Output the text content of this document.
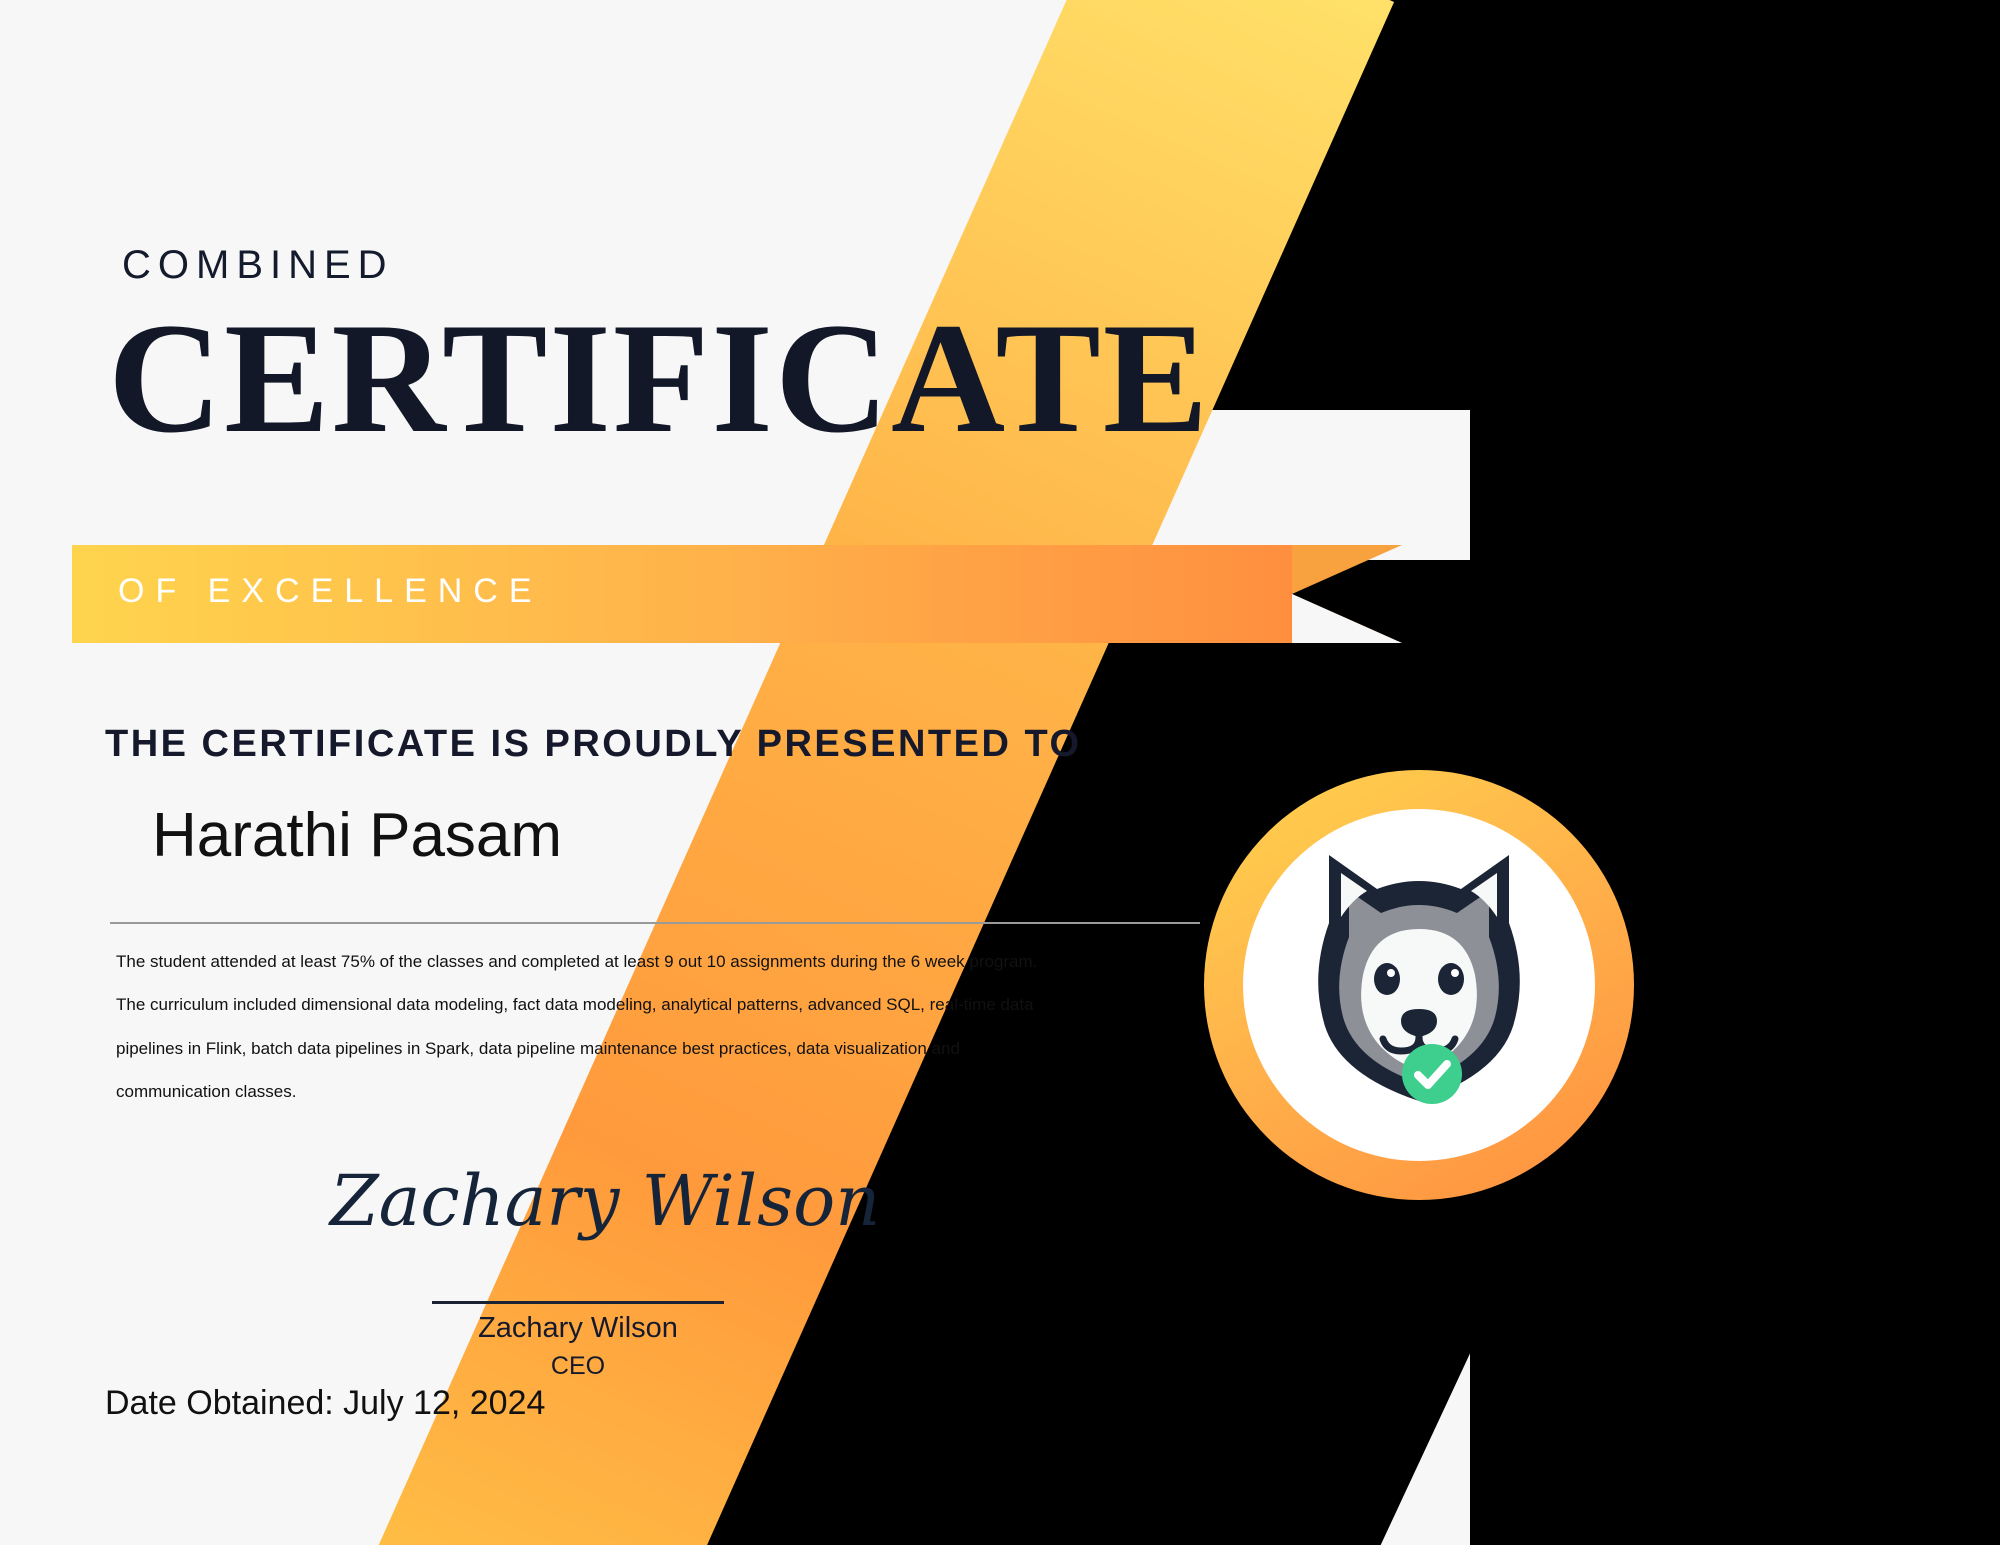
COMBINED
CERTIFICATE
OF EXCELLENCE
THE CERTIFICATE IS PROUDLY PRESENTED TO
Harathi Pasam
The student attended at least 75% of the classes and completed at least 9 out 10 assignments during the 6 week program. The curriculum included dimensional data modeling, fact data modeling, analytical patterns, advanced SQL, real-time data pipelines in Flink, batch data pipelines in Spark, data pipeline maintenance best practices, data visualization and communication classes.
Zachary Wilson
Zachary Wilson
CEO
Date Obtained: July 12, 2024
